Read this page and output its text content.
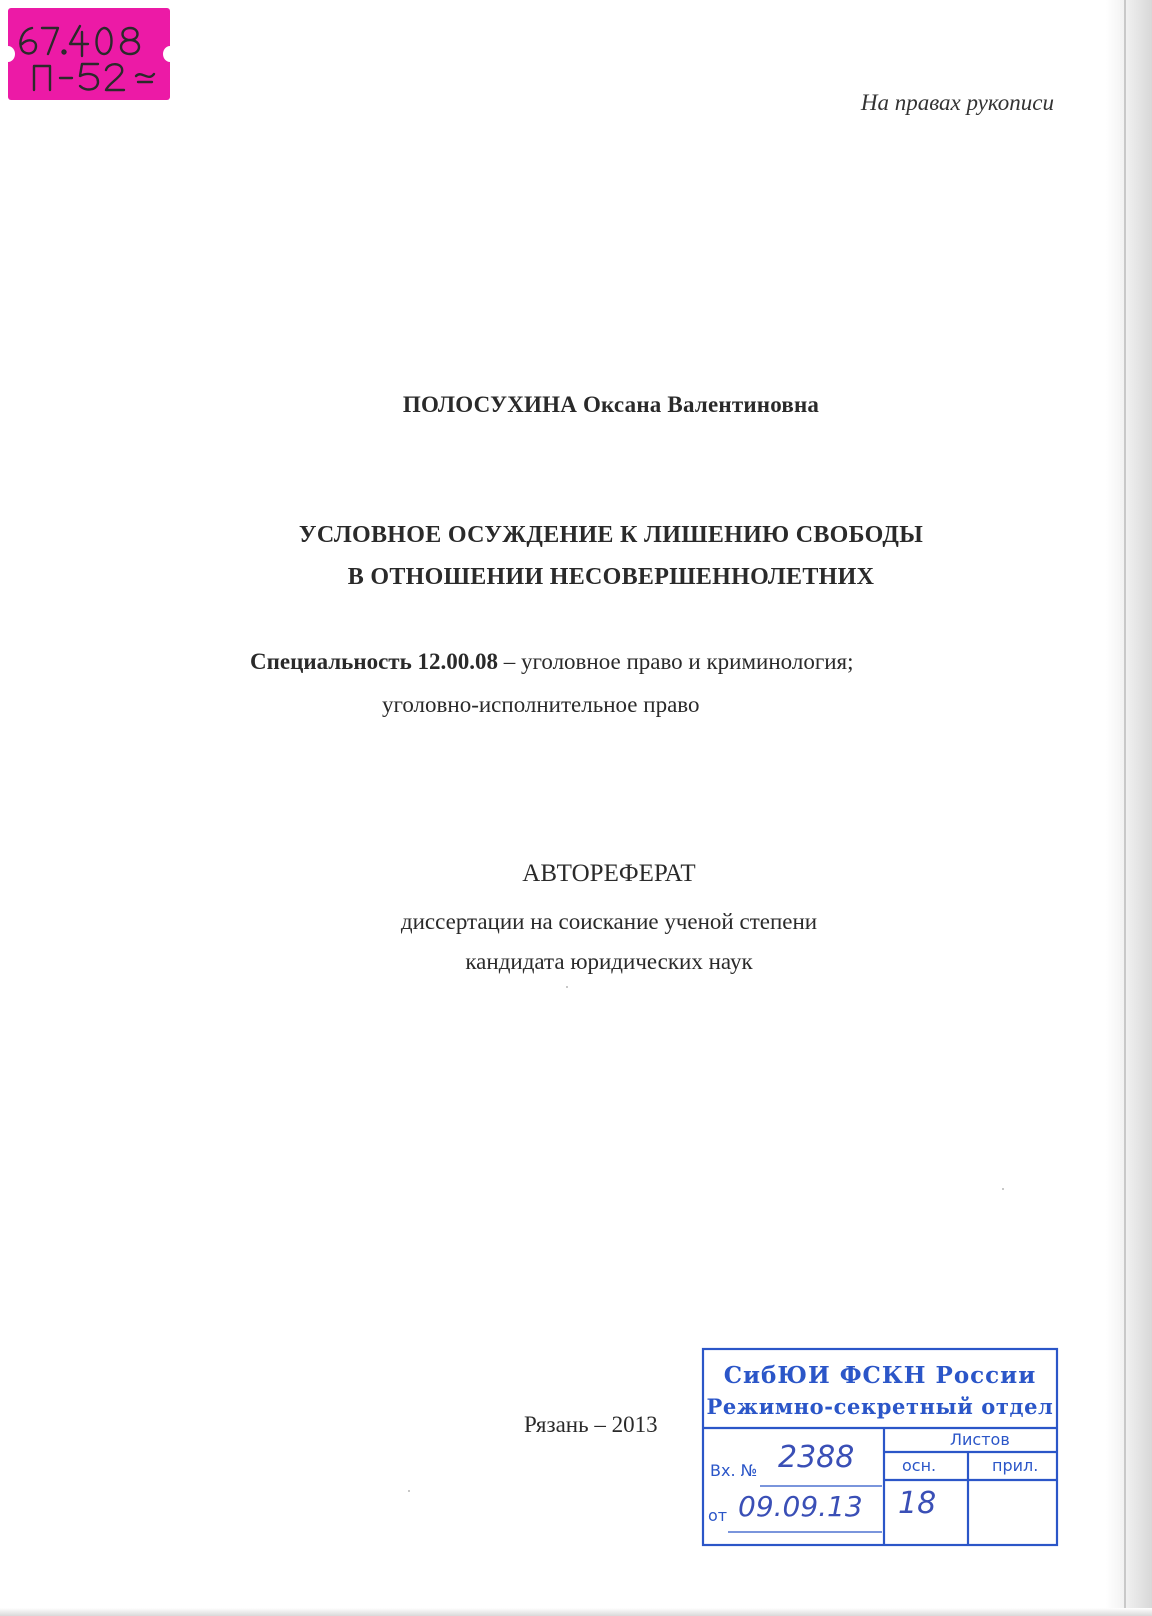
На правах рукописи
ПОЛОСУХИНА Оксана Валентиновна
УСЛОВНОЕ ОСУЖДЕНИЕ К ЛИШЕНИЮ СВОБОДЫ
В ОТНОШЕНИИ НЕСОВЕРШЕННОЛЕТНИХ
Специальность 12.00.08 – уголовное право и криминология;
уголовно-исполнительное право
АВТОРЕФЕРАТ
диссертации на соискание ученой степени
кандидата юридических наук
Рязань – 2013
СибЮИ ФСКН России
Режимно-секретный отдел
Листов
Вх. №	осн.	прил.
от
2388
09.09.13 18
